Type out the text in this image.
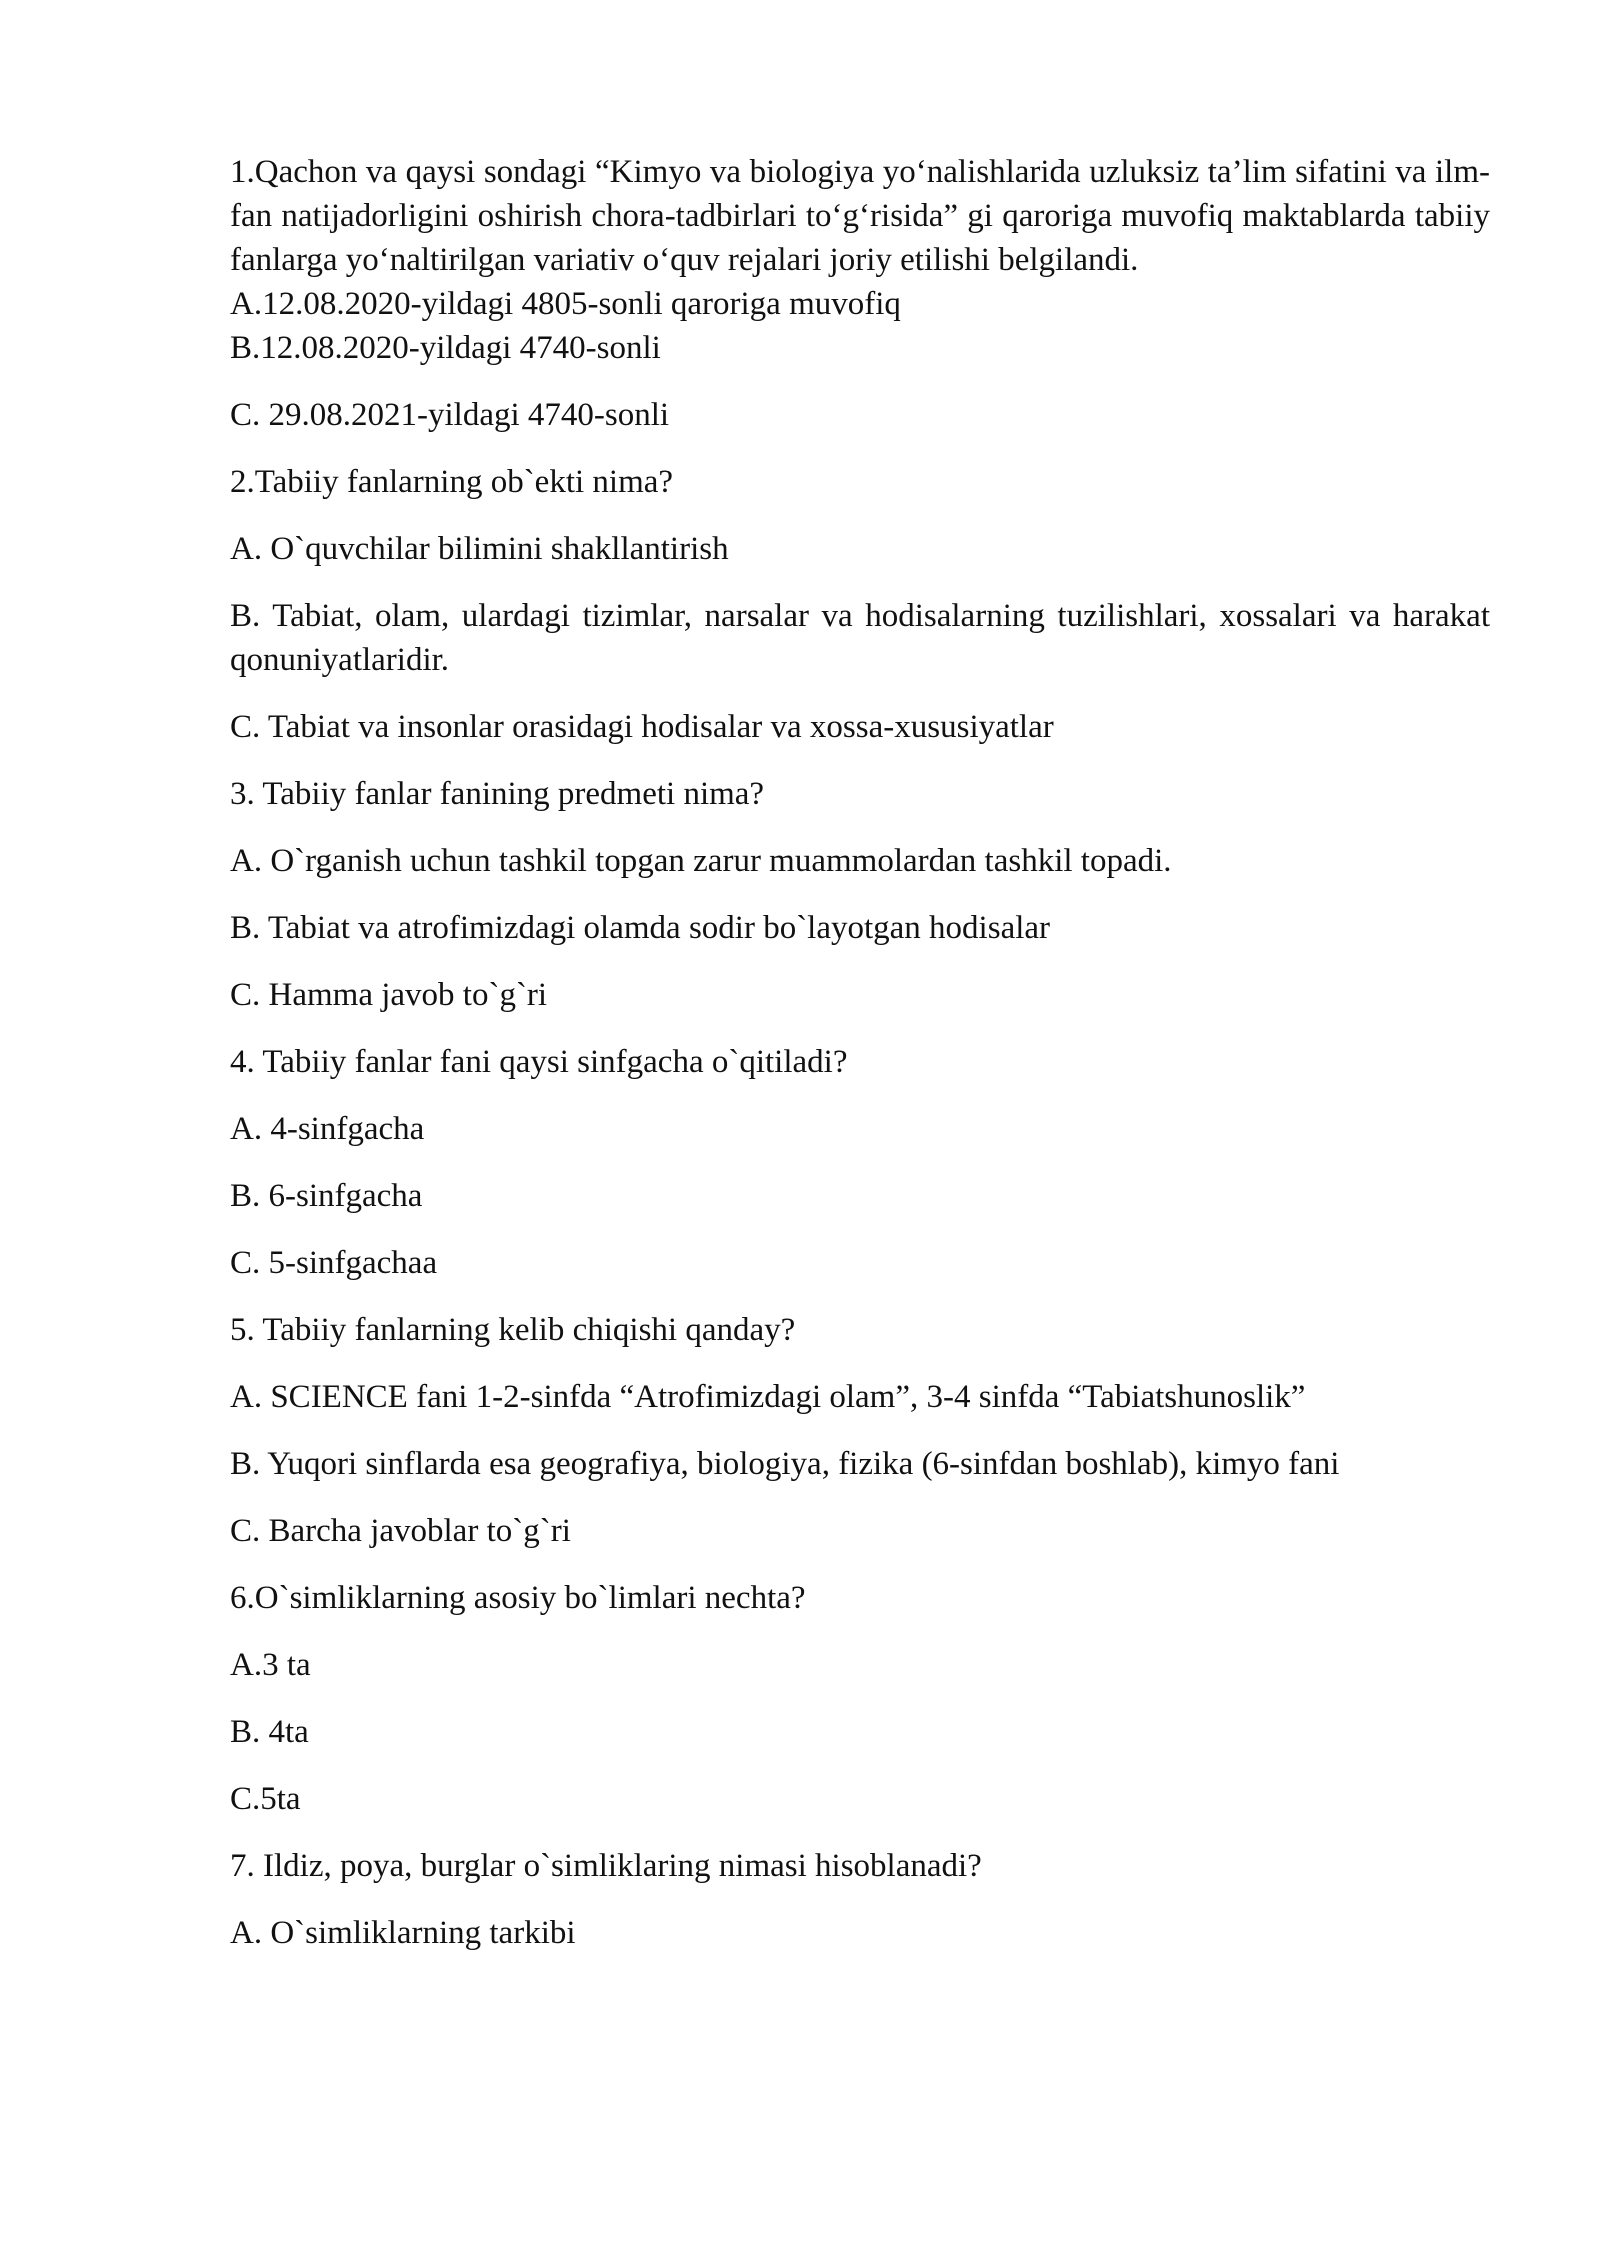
1.Qachon va qaysi sondagi “Kimyo va biologiya yo‘nalishlarida uzluksiz ta’lim sifatini va ilm-fan natijadorligini oshirish chora-tadbirlari to‘g‘risida” gi qaroriga muvofiq maktablarda tabiiy fanlarga yo‘naltirilgan variativ o‘quv rejalari joriy etilishi belgilandi.

A.12.08.2020-yildagi 4805-sonli qaroriga muvofiq

B.12.08.2020-yildagi 4740-sonli

C. 29.08.2021-yildagi 4740-sonli

2.Tabiiy fanlarning ob`ekti nima?

A. O`quvchilar bilimini shakllantirish

B. Tabiat, olam, ulardagi tizimlar, narsalar va hodisalarning tuzilishlari, xossalari va harakat qonuniyatlaridir.

C. Tabiat va insonlar orasidagi hodisalar va xossa-xususiyatlar

3. Tabiiy fanlar fanining predmeti nima?

A. O`rganish uchun tashkil topgan zarur muammolardan tashkil topadi.

B. Tabiat va atrofimizdagi olamda sodir bo`layotgan hodisalar

C. Hamma javob to`g`ri

4. Tabiiy fanlar fani qaysi sinfgacha o`qitiladi?

A. 4-sinfgacha

B. 6-sinfgacha

C. 5-sinfgachaa

5. Tabiiy fanlarning kelib chiqishi qanday?

A. SCIENCE fani 1-2-sinfda “Atrofimizdagi olam”, 3-4 sinfda “Tabiatshunoslik”

B. Yuqori sinflarda esa geografiya, biologiya, fizika (6-sinfdan boshlab), kimyo fani

C. Barcha javoblar to`g`ri

6.O`simliklarning asosiy bo`limlari nechta?

A.3 ta

B. 4ta

C.5ta

7. Ildiz, poya, burglar o`simliklaring nimasi hisoblanadi?

A. O`simliklarning tarkibi
